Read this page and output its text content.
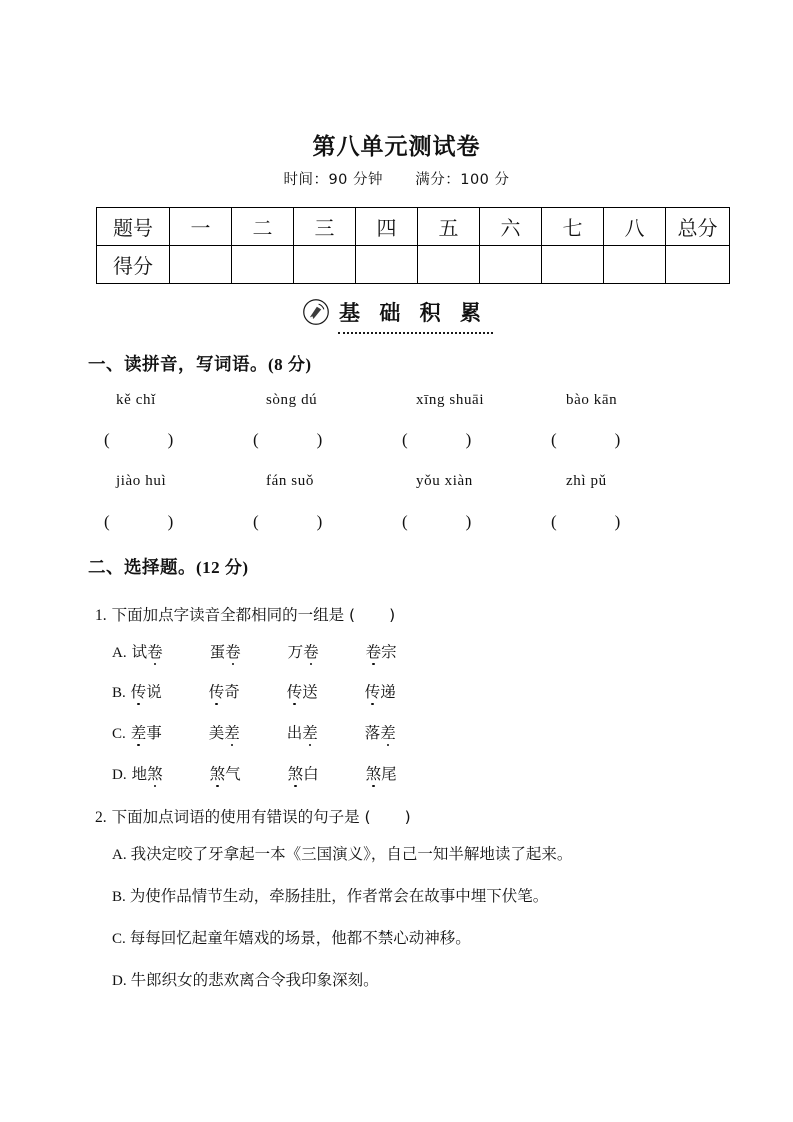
第八单元测试卷
时间：90 分钟 满分：100 分
题号	一	二	三	四	五	六	七	八	总分
得分									
基 础 积 累
一、读拼音，写词语。(8 分)
kě chǐ	sòng dú	xīng shuāi	bào kān
(	)	(	)	(	)	(	)
jiào huì	fán suǒ	yǒu xiàn	zhì pǔ
(	)	(	)	(	)	(	)
二、选择题。(12 分)
1. 下面加点字读音全都相同的一组是 ( )
A. 试卷	蛋卷	万卷	卷宗
B. 传说	传奇	传送	传递
C. 差事	美差	出差	落差
D. 地煞	煞气	煞白	煞尾
2. 下面加点词语的使用有错误的句子是 ( )
A. 我决定咬了牙拿起一本《三国演义》，自己一知半解地读了起来。
B. 为使作品情节生动，牵肠挂肚，作者常会在故事中埋下伏笔。
C. 每每回忆起童年嬉戏的场景，他都不禁心动神移。
D. 牛郎织女的悲欢离合令我印象深刻。
